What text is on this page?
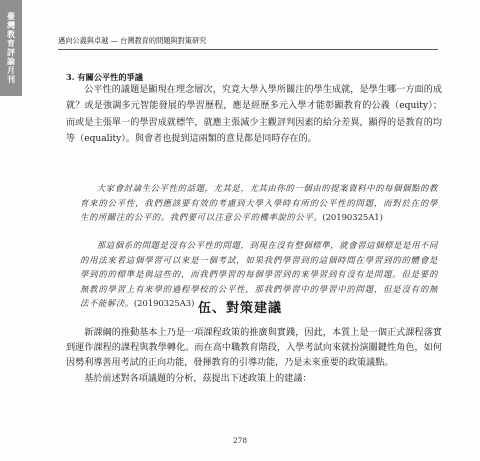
臺灣教育評論月刊	邁向公義與卓越 — 台灣教育的問題與對策研究
3. 有關公平性的爭議

公平性的議題是顯現在理念層次，究竟大學入學所關注的學生成就，是學生哪一方面的成就？或是強調多元智能發展的學習歷程，應是經歷多元入學才能彰顯教育的公義（equity）；而或是主張單一的學習成就標竿，就應主張減少主觀評判因素的給分差異，顯得的是教育的均等（equality）。與會者也提到這兩類的意見都是同時存在的。

大家會討論生公平性的話題，尤其是，尤其由你的一個由的提案資料中的每個個點的教育來的公平性，我們應該要有效的考慮到大學入學時有所的公平性的問題，而對於在的學生的所關注的公平的。我們要可以注意公平的機率說的公平。(20190325A1)

那這個系的問題是沒有公平性的問題，到現在沒有整個標準，就會習這個標是是用不同的用法來看這個學習可以來是一個考試，如果我們學習到的這個時間在學習到的的體會是學到的的標準是與這些的，而我們學習的每個學習到的來學習到有沒有是問題。但是要的無教的學習上有來學的過程學校的公平性，那我們學習中的學習中的問題，但是沒有的無法不能解決。(20190325A3) 伍、對策建議

新課綱的推動基本上乃是一項課程政策的推廣與實踐，因此，本質上是一個正式課程落實到運作課程的課程與教學轉化。而在高中職教育階段，入學考試向來就扮演關鍵性角色，如何因勢利導善用考試的正向功能，發揮教育的引導功能，乃是未來重要的政策議點。

基於前述對各項議題的分析，茲提出下述政策上的建議：

278
